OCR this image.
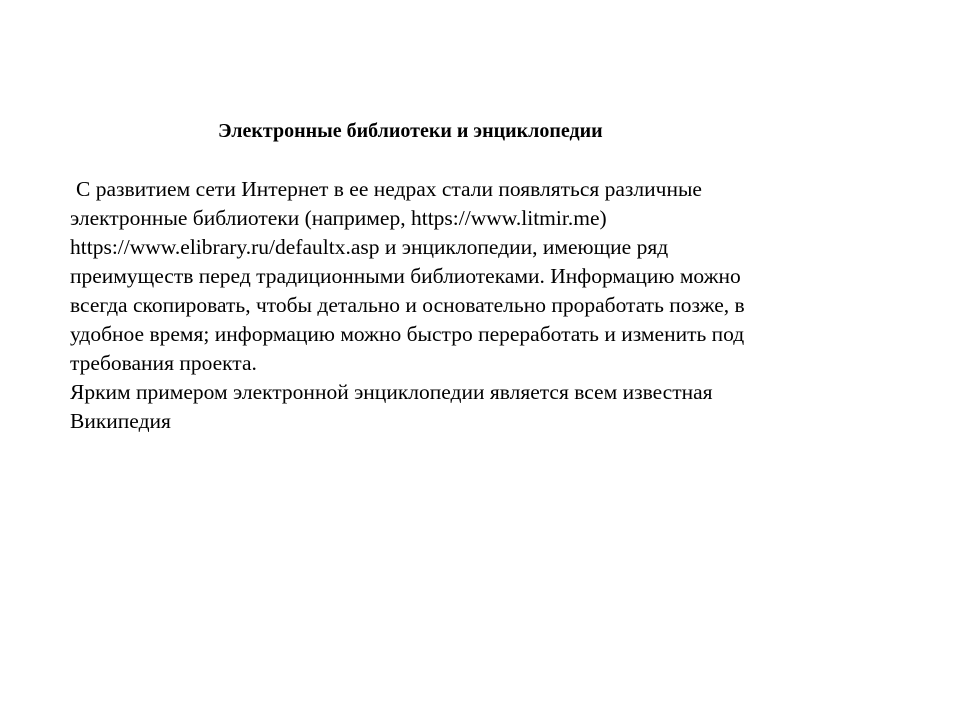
Электронные библиотеки и энциклопедии
С развитием сети Интернет в ее недрах стали появляться различные
электронные библиотеки (например, https://www.litmir.me)
https://www.elibrary.ru/defaultx.asp и энциклопедии, имеющие ряд
преимуществ перед традиционными библиотеками. Информацию можно
всегда скопировать, чтобы детально и основательно проработать позже, в
удобное время; информацию можно быстро переработать и изменить под
требования проекта.
Ярким примером электронной энциклопедии является всем известная
Википедия
